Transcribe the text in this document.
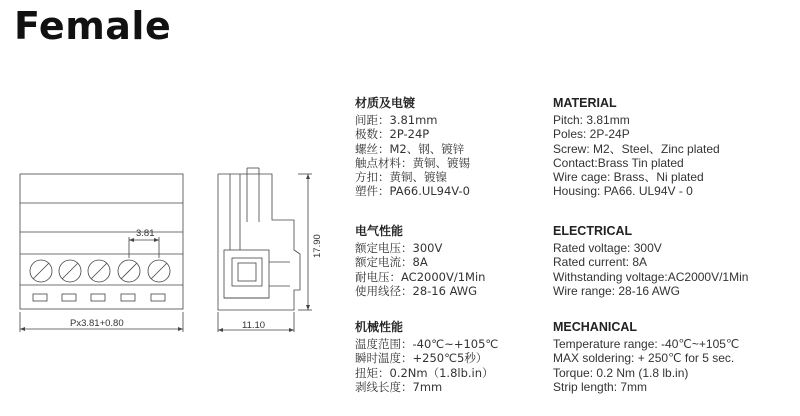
Female
3.81
Px3.81+0.80	11.10
17.90
材质及电镀
间距：3.81mm
极数：2P-24P
螺丝：M2、钢、镀锌
触点材料：黄铜、镀锡
方扣：黄铜、镀镍
塑件：PA66.UL94V-0
电气性能
额定电压：300V
额定电流：8A
耐电压：AC2000V/1Min
使用线径：28-16 AWG
机械性能
温度范围：-40℃~+105℃
瞬时温度：+250℃5秒）
扭矩：0.2Nm（1.8lb.in）
剥线长度：7mm
MATERIAL
Pitch: 3.81mm
Poles: 2P-24P
Screw: M2、Steel、Zinc plated
Contact:Brass Tin plated
Wire cage: Brass、Ni plated
Housing: PA66. UL94V - 0
ELECTRICAL
Rated voltage: 300V
Rated current: 8A
Withstanding voltage:AC2000V/1Min
Wire range: 28-16 AWG
MECHANICAL
Temperature range: -40℃~+105℃
MAX soldering: + 250℃ for 5 sec.
Torque: 0.2 Nm (1.8 lb.in)
Strip length: 7mm
